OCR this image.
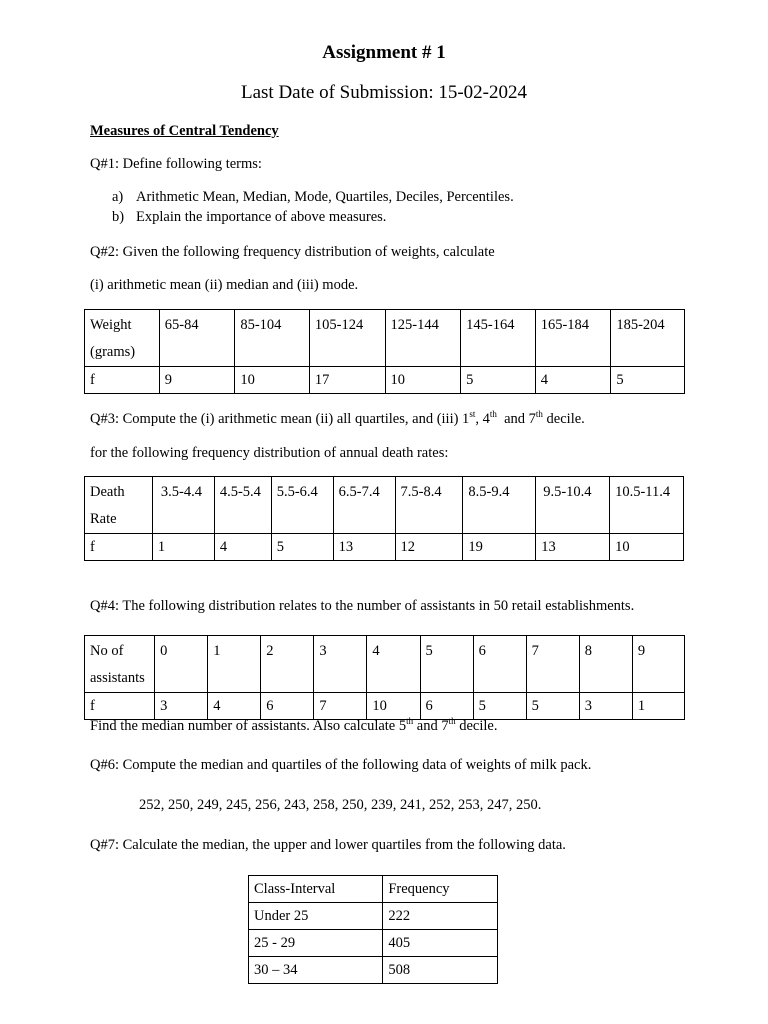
Assignment # 1
Last Date of Submission: 15-02-2024
Measures of Central Tendency
Q#1: Define following terms:
a) Arithmetic Mean, Median, Mode, Quartiles, Deciles, Percentiles.
b) Explain the importance of above measures.
Q#2: Given the following frequency distribution of weights, calculate
(i) arithmetic mean (ii) median and (iii) mode.
Weight
(grams)	65-84	85-104	105-124	125-144	145-164	165-184	185-204
f	9	10	17	10	5	4	5
Q#3: Compute the (i) arithmetic mean (ii) all quartiles, and (iii) 1st, 4th  and 7th decile.
for the following frequency distribution of annual death rates:
Death
Rate	3.5-4.4	4.5-5.4	5.5-6.4	6.5-7.4	7.5-8.4	8.5-9.4	9.5-10.4	10.5-11.4
f	1	4	5	13	12	19	13	10
Q#4: The following distribution relates to the number of assistants in 50 retail establishments.
No of
assistants	0	1	2	3	4	5	6	7	8	9
f	3	4	6	7	10	6	5	5	3	1
Find the median number of assistants. Also calculate 5th and 7th decile.
Q#6: Compute the median and quartiles of the following data of weights of milk pack.
252, 250, 249, 245, 256, 243, 258, 250, 239, 241, 252, 253, 247, 250.
Q#7: Calculate the median, the upper and lower quartiles from the following data.
Class-Interval	Frequency
Under 25	222
25 - 29	405
30 – 34	508
